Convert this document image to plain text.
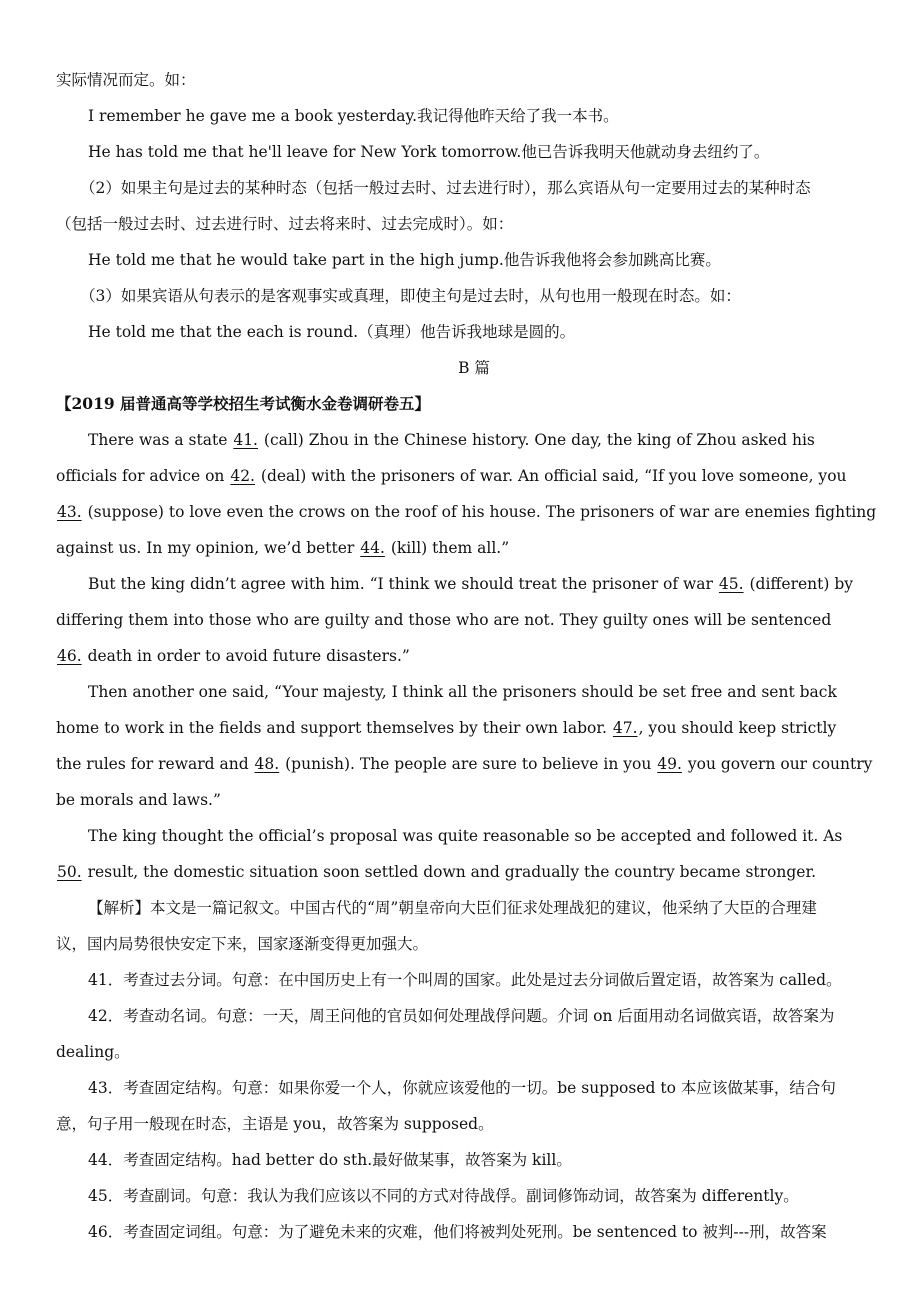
实际情况而定。如：

I remember he gave me a book yesterday.我记得他昨天给了我一本书。

He has told me that he'll leave for New York tomorrow.他已告诉我明天他就动身去纽约了。

（2）如果主句是过去的某种时态（包括一般过去时、过去进行时），那么宾语从句一定要用过去的某种时态

（包括一般过去时、过去进行时、过去将来时、过去完成时）。如：

He told me that he would take part in the high jump.他告诉我他将会参加跳高比赛。

（3）如果宾语从句表示的是客观事实或真理，即使主句是过去时，从句也用一般现在时态。如：

He told me that the each is round.（真理）他告诉我地球是圆的。

B 篇

【2019 届普通高等学校招生考试衡水金卷调研卷五】

There was a state 41. (call) Zhou in the Chinese history. One day, the king of Zhou asked his

officials for advice on 42. (deal) with the prisoners of war. An official said, “If you love someone, you

43. (suppose) to love even the crows on the roof of his house. The prisoners of war are enemies fighting

against us. In my opinion, we’d better 44. (kill) them all.”

But the king didn’t agree with him. “I think we should treat the prisoner of war 45. (different) by

differing them into those who are guilty and those who are not. They guilty ones will be sentenced

46. death in order to avoid future disasters.”

Then another one said, “Your majesty, I think all the prisoners should be set free and sent back

home to work in the fields and support themselves by their own labor. 47., you should keep strictly

the rules for reward and 48. (punish). The people are sure to believe in you 49. you govern our country

be morals and laws.”

The king thought the official’s proposal was quite reasonable so be accepted and followed it. As

50. result, the domestic situation soon settled down and gradually the country became stronger.

【解析】本文是一篇记叙文。中国古代的“周”朝皇帝向大臣们征求处理战犯的建议，他采纳了大臣的合理建

议，国内局势很快安定下来，国家逐渐变得更加强大。

41．考查过去分词。句意：在中国历史上有一个叫周的国家。此处是过去分词做后置定语，故答案为 called。

42．考查动名词。句意：一天，周王问他的官员如何处理战俘问题。介词 on 后面用动名词做宾语，故答案为

dealing。

43．考查固定结构。句意：如果你爱一个人，你就应该爱他的一切。be supposed to 本应该做某事，结合句

意，句子用一般现在时态，主语是 you，故答案为 supposed。

44．考查固定结构。had better do sth.最好做某事，故答案为 kill。

45．考查副词。句意：我认为我们应该以不同的方式对待战俘。副词修饰动词，故答案为 differently。

46．考查固定词组。句意：为了避免未来的灾难，他们将被判处死刑。be sentenced to 被判---刑，故答案
